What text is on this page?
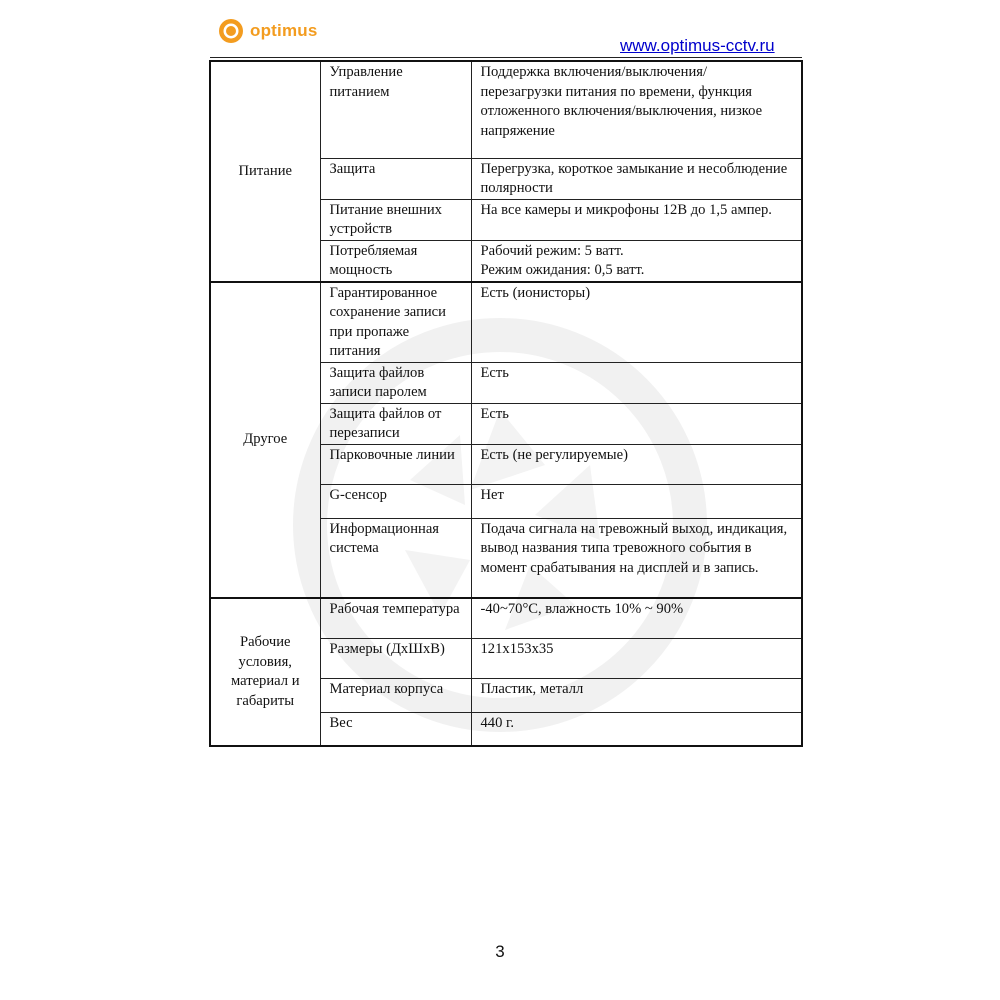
optimus
www.optimus-cctv.ru
Питание	Управление питанием	Поддержка включения/выключения/ перезагрузки питания по времени, функция отложенного включения/выключения, низкое напряжение
	Защита	Перегрузка, короткое замыкание и несоблюдение полярности
	Питание внешних устройств	На все камеры и микрофоны 12В до 1,5 ампер.
	Потребляемая мощность	Рабочий режим: 5 ватт.
Режим ожидания: 0,5 ватт.
Другое	Гарантированное сохранение записи при пропаже питания	Есть (ионисторы)
	Защита файлов записи паролем	Есть
	Защита файлов от перезаписи	Есть
	Парковочные линии	Есть (не регулируемые)
	G-сенсор	Нет
	Информационная система	Подача сигнала на тревожный выход, индикация, вывод названия типа тревожного события в момент срабатывания на дисплей и в запись.
Рабочие условия, материал и габариты	Рабочая температура	-40~70°C, влажность 10% ~ 90%
	Размеры (ДхШхВ)	121x153x35
	Материал корпуса	Пластик, металл
	Вес	440 г.
3
